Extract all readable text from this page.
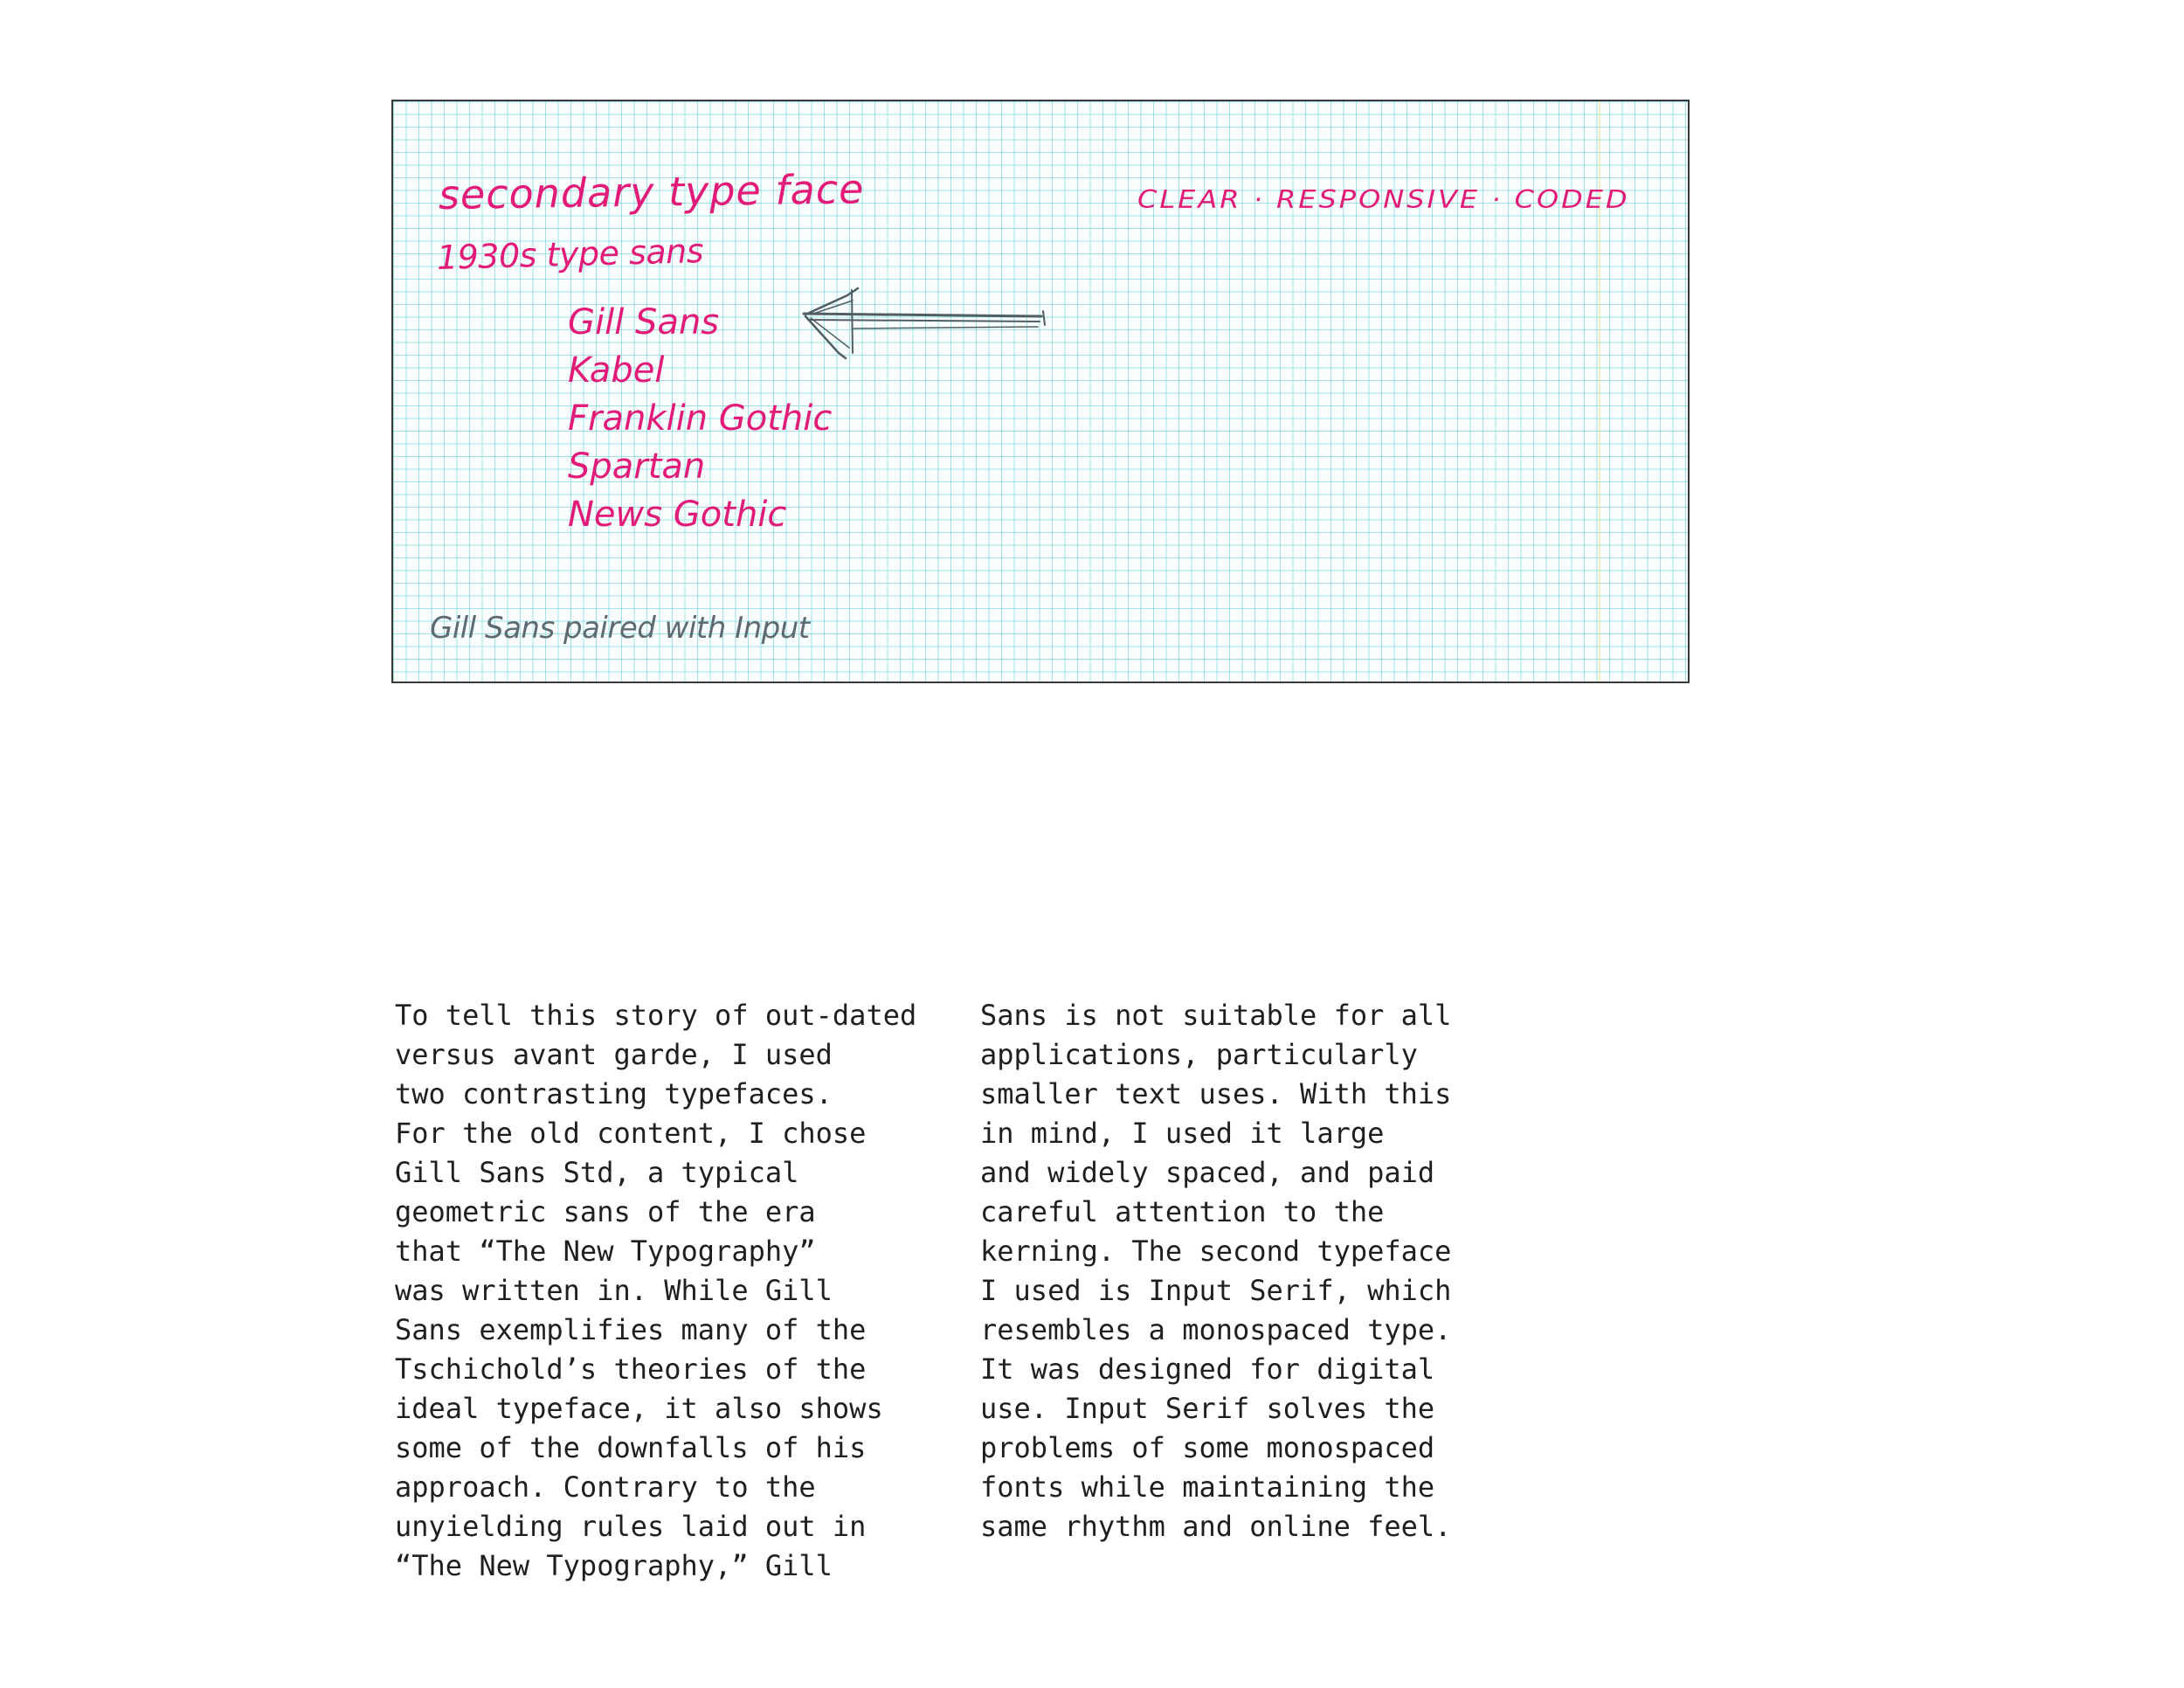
secondary type face
1930s type sans
CLEAR · RESPONSIVE · CODED
Gill Sans
Kabel
Franklin Gothic
Spartan
News Gothic
Gill Sans paired with Input

To tell this story of out-dated
versus avant garde, I used
two contrasting typefaces.
For the old content, I chose
Gill Sans Std, a typical
geometric sans of the era
that “The New Typography”
was written in. While Gill
Sans exemplifies many of the
Tschichold’s theories of the
ideal typeface, it also shows
some of the downfalls of his
approach. Contrary to the
unyielding rules laid out in
“The New Typography,” Gill

Sans is not suitable for all
applications, particularly
smaller text uses. With this
in mind, I used it large
and widely spaced, and paid
careful attention to the
kerning. The second typeface
I used is Input Serif, which
resembles a monospaced type.
It was designed for digital
use. Input Serif solves the
problems of some monospaced
fonts while maintaining the
same rhythm and online feel.
